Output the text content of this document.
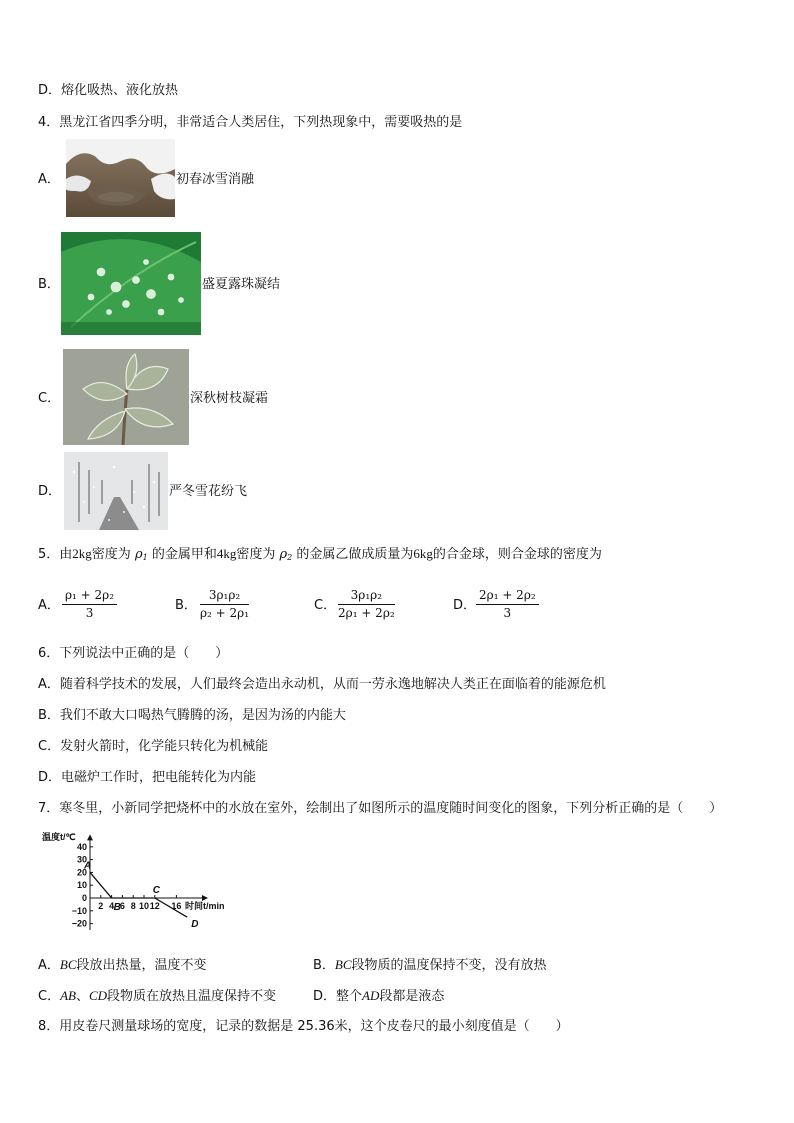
D．熔化吸热、液化放热
4．黑龙江省四季分明，非常适合人类居住，下列热现象中，需要吸热的是
A．	初春冰雪消融
B．	盛夏露珠凝结
C．	深秋树枝凝霜
D．	严冬雪花纷飞
5．由2kg密度为 $\rho_1$ 的金属甲和4kg密度为 $\rho_2$ 的金属乙做成质量为6kg的合金球，则合金球的密度为
A． $\frac{\text{ρ₁ + 2ρ₂}}{3}$	B． $\frac{\text{3ρ₁ρ₂}}{\text{ρ₂ + 2ρ₁}}$	C． $\frac{\text{3ρ₁ρ₂}}{\text{2ρ₁ + 2ρ₂}}$	D． $\frac{\text{2ρ₁ + 2ρ₂}}{3}$
6．下列说法中正确的是（　　）
A．随着科学技术的发展，人们最终会造出永动机，从而一劳永逸地解决人类正在面临着的能源危机
B．我们不敢大口喝热气腾腾的汤，是因为汤的内能大
C．发射火箭时，化学能只转化为机械能
D．电磁炉工作时，把电能转化为内能
7．寒冬里，小新同学把烧杯中的水放在室外，绘制出了如图所示的温度随时间变化的图象，下列分析正确的是（　　）
温度t/℃
40
30
20
10
0
−10
−20
2 4 6 8 10 12 16 时间t/min
A
B
C
D
A．BC段放出热量，温度不变	B．BC段物质的温度保持不变，没有放热
C．AB、CD段物质在放热且温度保持不变	D．整个AD段都是液态
8．用皮卷尺测量球场的宽度，记录的数据是 25.36米，这个皮卷尺的最小刻度值是（　　）
